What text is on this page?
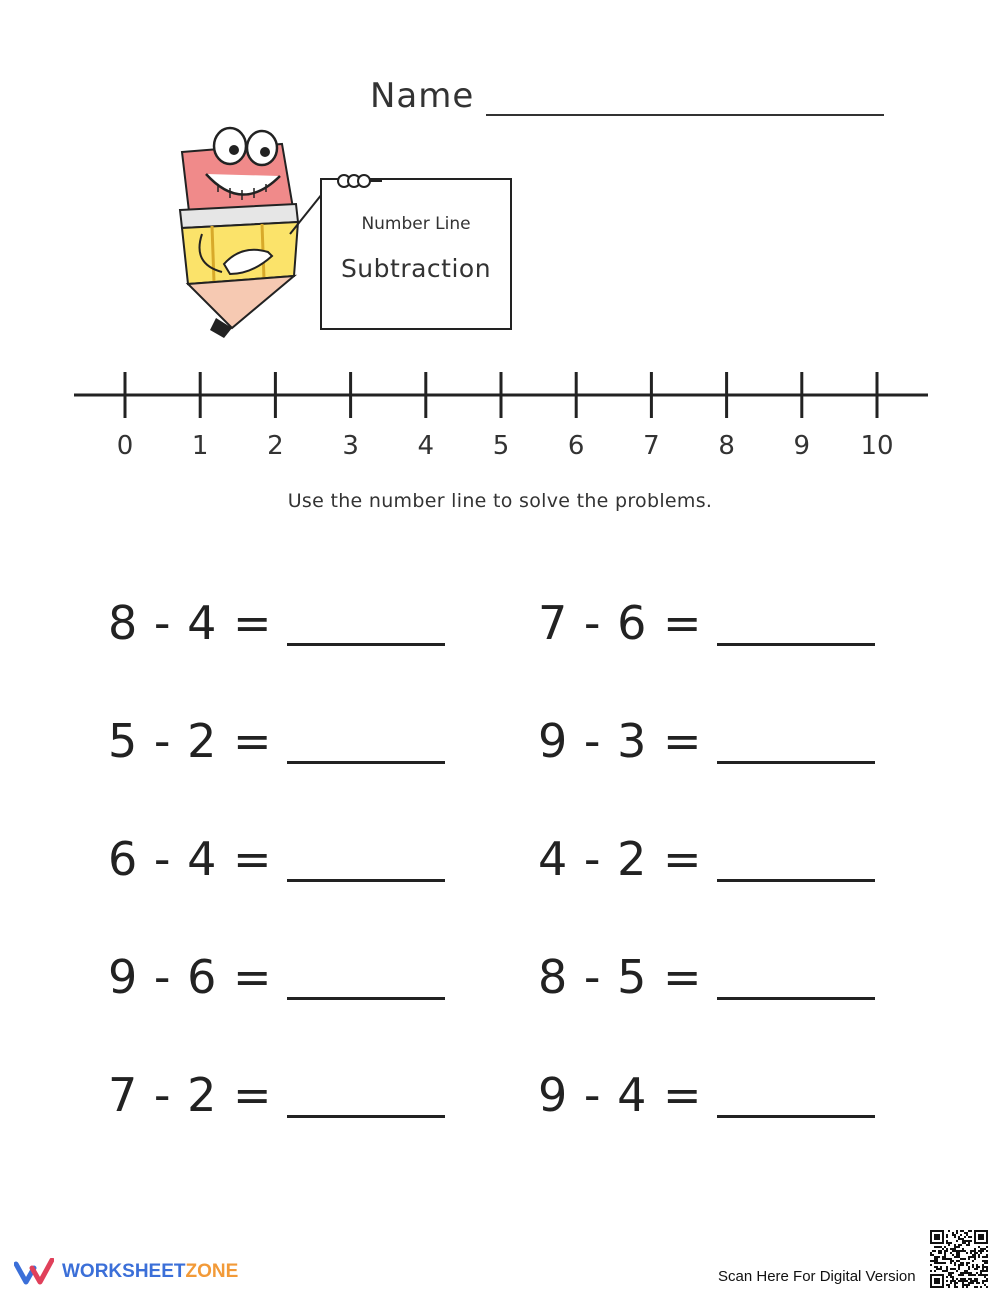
Name
Number Line
Subtraction
0 1 2 3 4 5 6 7 8 9 10
Use the number line to solve the problems.
8 - 4 =	7 - 6 =
5 - 2 =	9 - 3 =
6 - 4 =	4 - 2 =
9 - 6 =	8 - 5 =
7 - 2 =	9 - 4 =
WORKSHEETZONE	Scan Here For Digital Version
